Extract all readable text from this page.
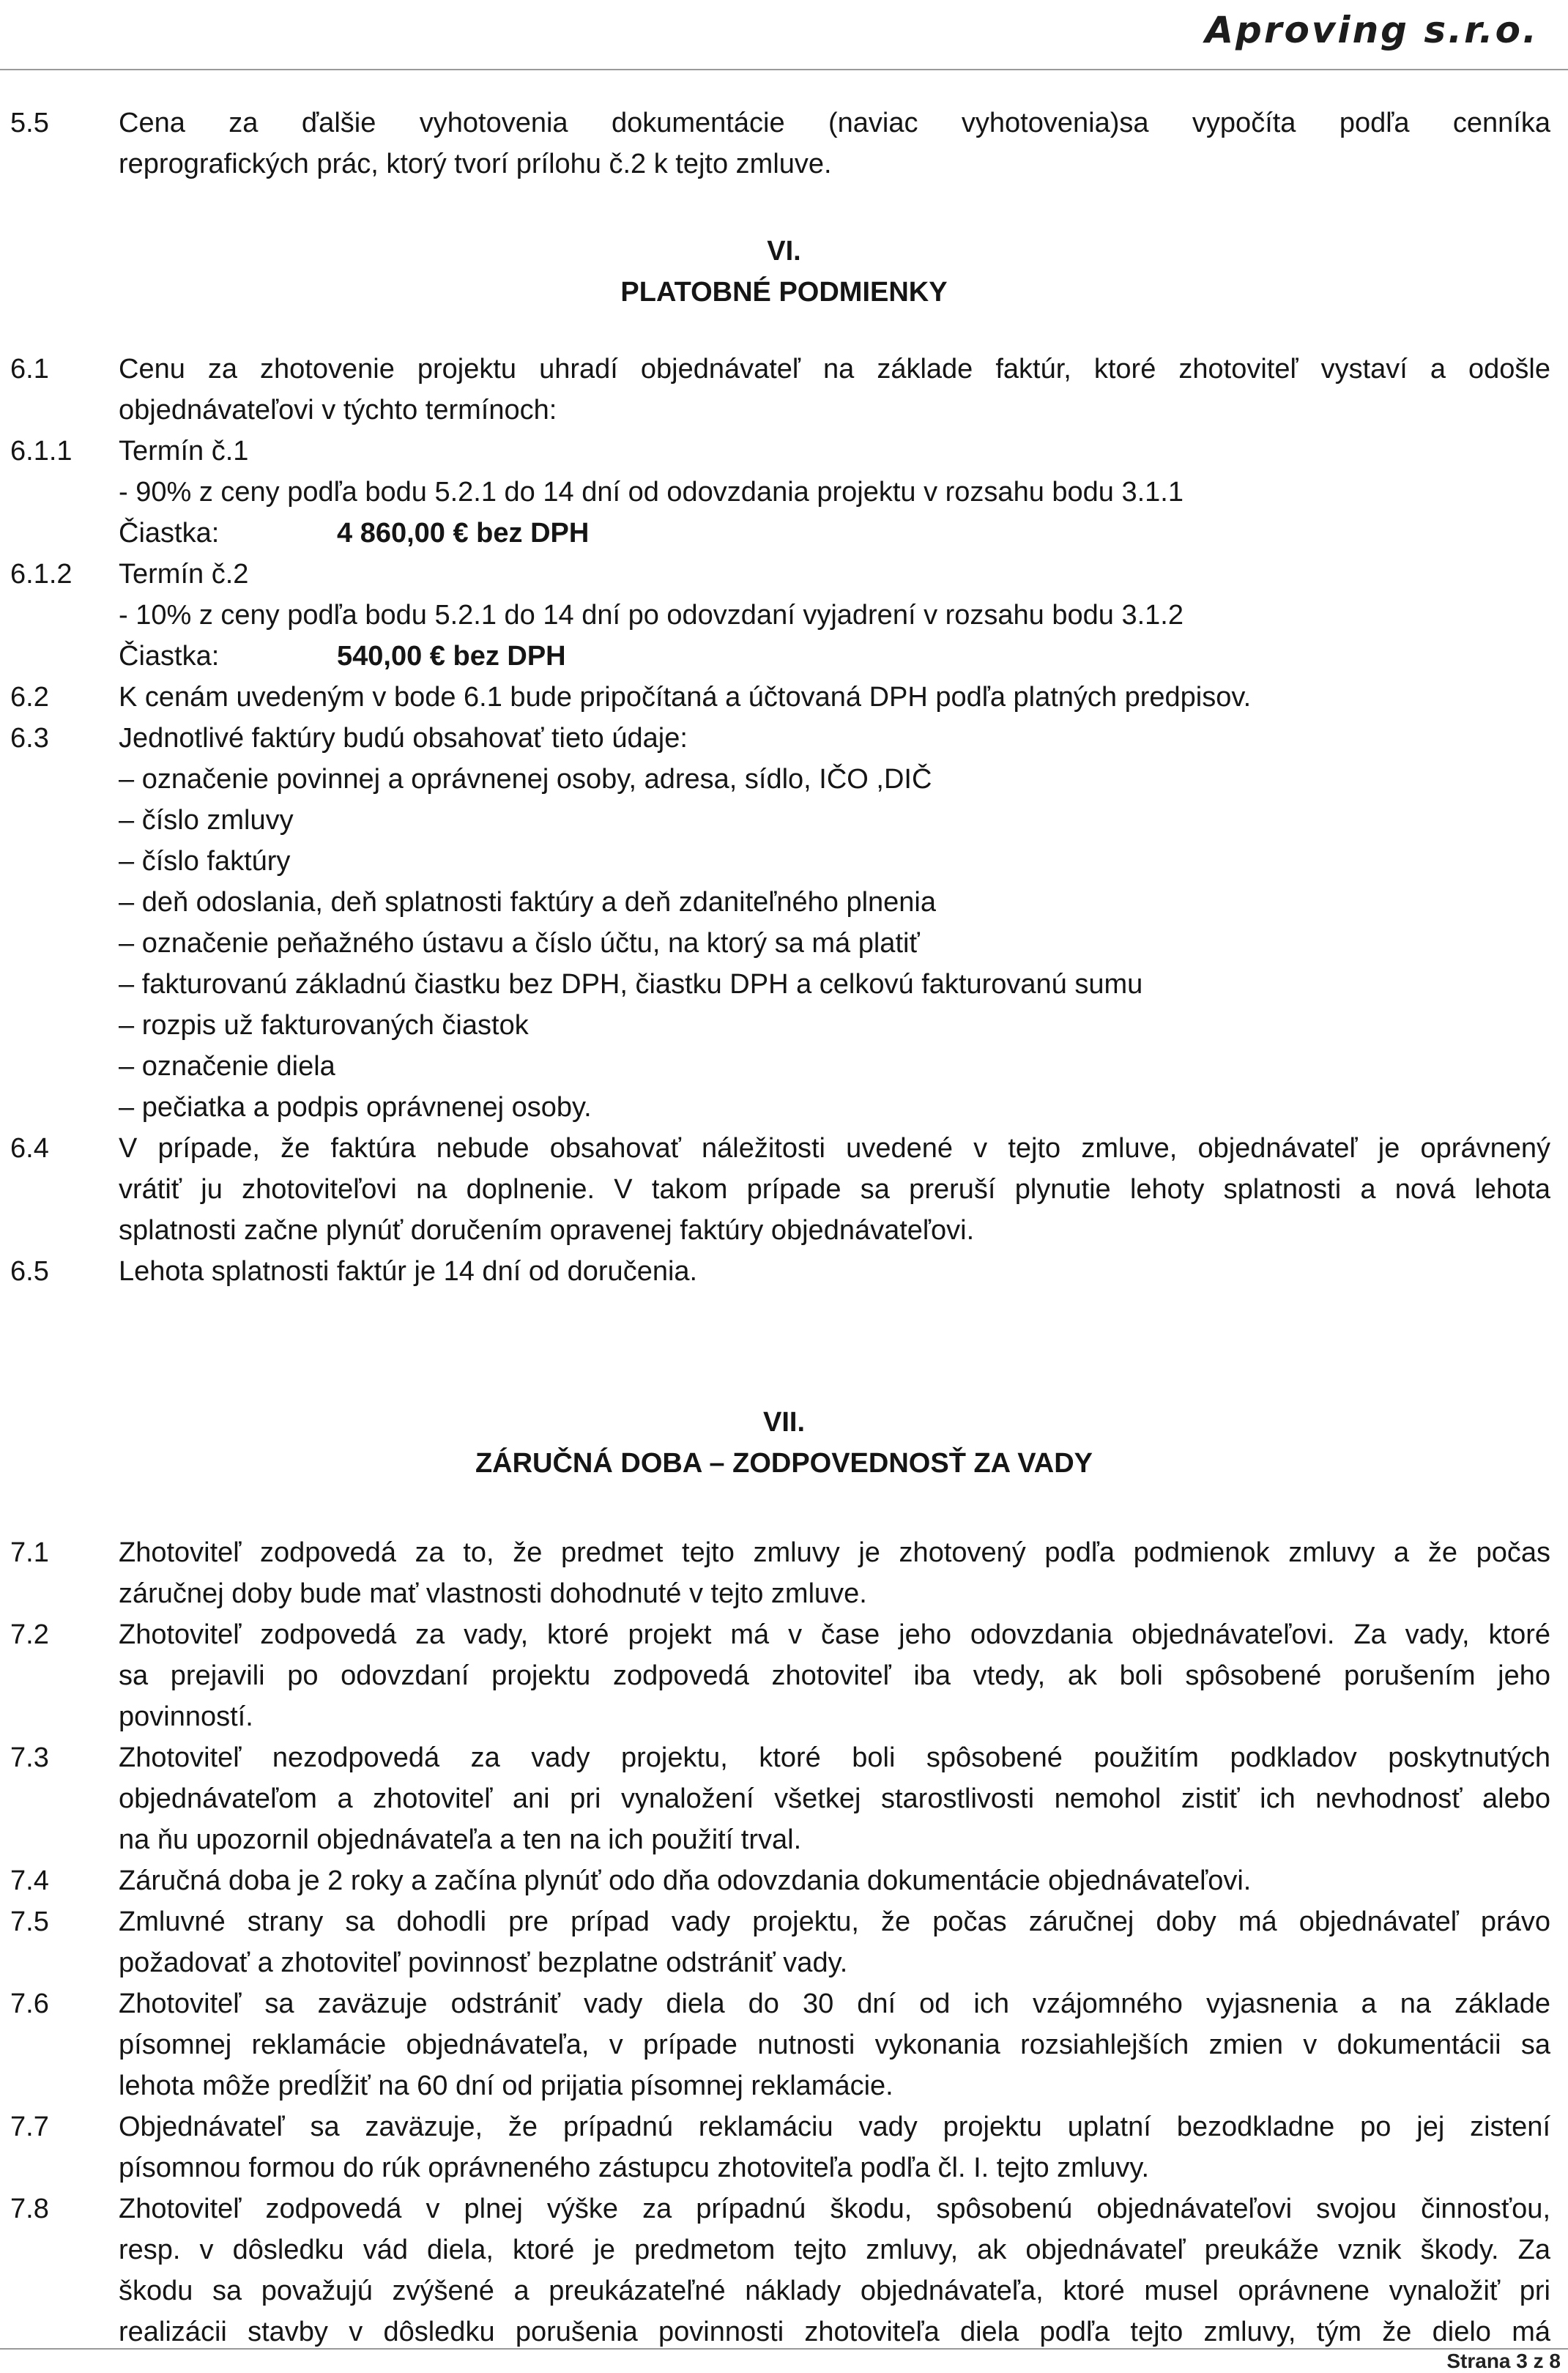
Aproving s.r.o.
5.5	Cena za ďalšie vyhotovenia dokumentácie (naviac vyhotovenia)sa vypočíta podľa cenníka
reprografických prác, ktorý tvorí prílohu č.2 k tejto zmluve.
VI.
PLATOBNÉ PODMIENKY
6.1	Cenu za zhotovenie projektu uhradí objednávateľ na základe faktúr, ktoré zhotoviteľ vystaví a odošle
objednávateľovi v týchto termínoch:
6.1.1 Termín č.1
- 90% z ceny podľa bodu 5.2.1 do 14 dní od odovzdania projektu v rozsahu bodu 3.1.1
Čiastka:	4 860,00 € bez DPH
6.1.2 Termín č.2
- 10% z ceny podľa bodu 5.2.1 do 14 dní po odovzdaní vyjadrení v rozsahu bodu 3.1.2
Čiastka:	540,00 € bez DPH
6.2	K cenám uvedeným v bode 6.1 bude pripočítaná a účtovaná DPH podľa platných predpisov.
6.3	Jednotlivé faktúry budú obsahovať tieto údaje:
– označenie povinnej a oprávnenej osoby, adresa, sídlo, IČO ,DIČ
– číslo zmluvy
– číslo faktúry
– deň odoslania, deň splatnosti faktúry a deň zdaniteľného plnenia
– označenie peňažného ústavu a číslo účtu, na ktorý sa má platiť
– fakturovanú základnú čiastku bez DPH, čiastku DPH a celkovú fakturovanú sumu
– rozpis už fakturovaných čiastok
– označenie diela
– pečiatka a podpis oprávnenej osoby.
6.4	V prípade, že faktúra nebude obsahovať náležitosti uvedené v tejto zmluve, objednávateľ je oprávnený
vrátiť ju zhotoviteľovi na doplnenie. V takom prípade sa preruší plynutie lehoty splatnosti a nová lehota
splatnosti začne plynúť doručením opravenej faktúry objednávateľovi.
6.5	Lehota splatnosti faktúr je 14 dní od doručenia.
VII.
ZÁRUČNÁ DOBA – ZODPOVEDNOSŤ ZA VADY
7.1	Zhotoviteľ zodpovedá za to, že predmet tejto zmluvy je zhotovený podľa podmienok zmluvy a že počas
záručnej doby bude mať vlastnosti dohodnuté v tejto zmluve.
7.2	Zhotoviteľ zodpovedá za vady, ktoré projekt má v čase jeho odovzdania objednávateľovi. Za vady, ktoré
sa prejavili po odovzdaní projektu zodpovedá zhotoviteľ iba vtedy, ak boli spôsobené porušením jeho
povinností.
7.3	Zhotoviteľ nezodpovedá za vady projektu, ktoré boli spôsobené použitím podkladov poskytnutých
objednávateľom a zhotoviteľ ani pri vynaložení všetkej starostlivosti nemohol zistiť ich nevhodnosť alebo
na ňu upozornil objednávateľa a ten na ich použití trval.
7.4	Záručná doba je 2 roky a začína plynúť odo dňa odovzdania dokumentácie objednávateľovi.
7.5	Zmluvné strany sa dohodli pre prípad vady projektu, že počas záručnej doby má objednávateľ právo
požadovať a zhotoviteľ povinnosť bezplatne odstrániť vady.
7.6	Zhotoviteľ sa zaväzuje odstrániť vady diela do 30 dní od ich vzájomného vyjasnenia a na základe
písomnej reklamácie objednávateľa, v prípade nutnosti vykonania rozsiahlejších zmien v dokumentácii sa
lehota môže predĺžiť na 60 dní od prijatia písomnej reklamácie.
7.7	Objednávateľ sa zaväzuje, že prípadnú reklamáciu vady projektu uplatní bezodkladne po jej zistení
písomnou formou do rúk oprávneného zástupcu zhotoviteľa podľa čl. I. tejto zmluvy.
7.8	Zhotoviteľ zodpovedá v plnej výške za prípadnú škodu, spôsobenú objednávateľovi svojou činnosťou,
resp. v dôsledku vád diela, ktoré je predmetom tejto zmluvy, ak objednávateľ preukáže vznik škody. Za
škodu sa považujú zvýšené a preukázateľné náklady objednávateľa, ktoré musel oprávnene vynaložiť pri
realizácii stavby v dôsledku porušenia povinnosti zhotoviteľa diela podľa tejto zmluvy, tým že dielo má
Strana 3 z 8
